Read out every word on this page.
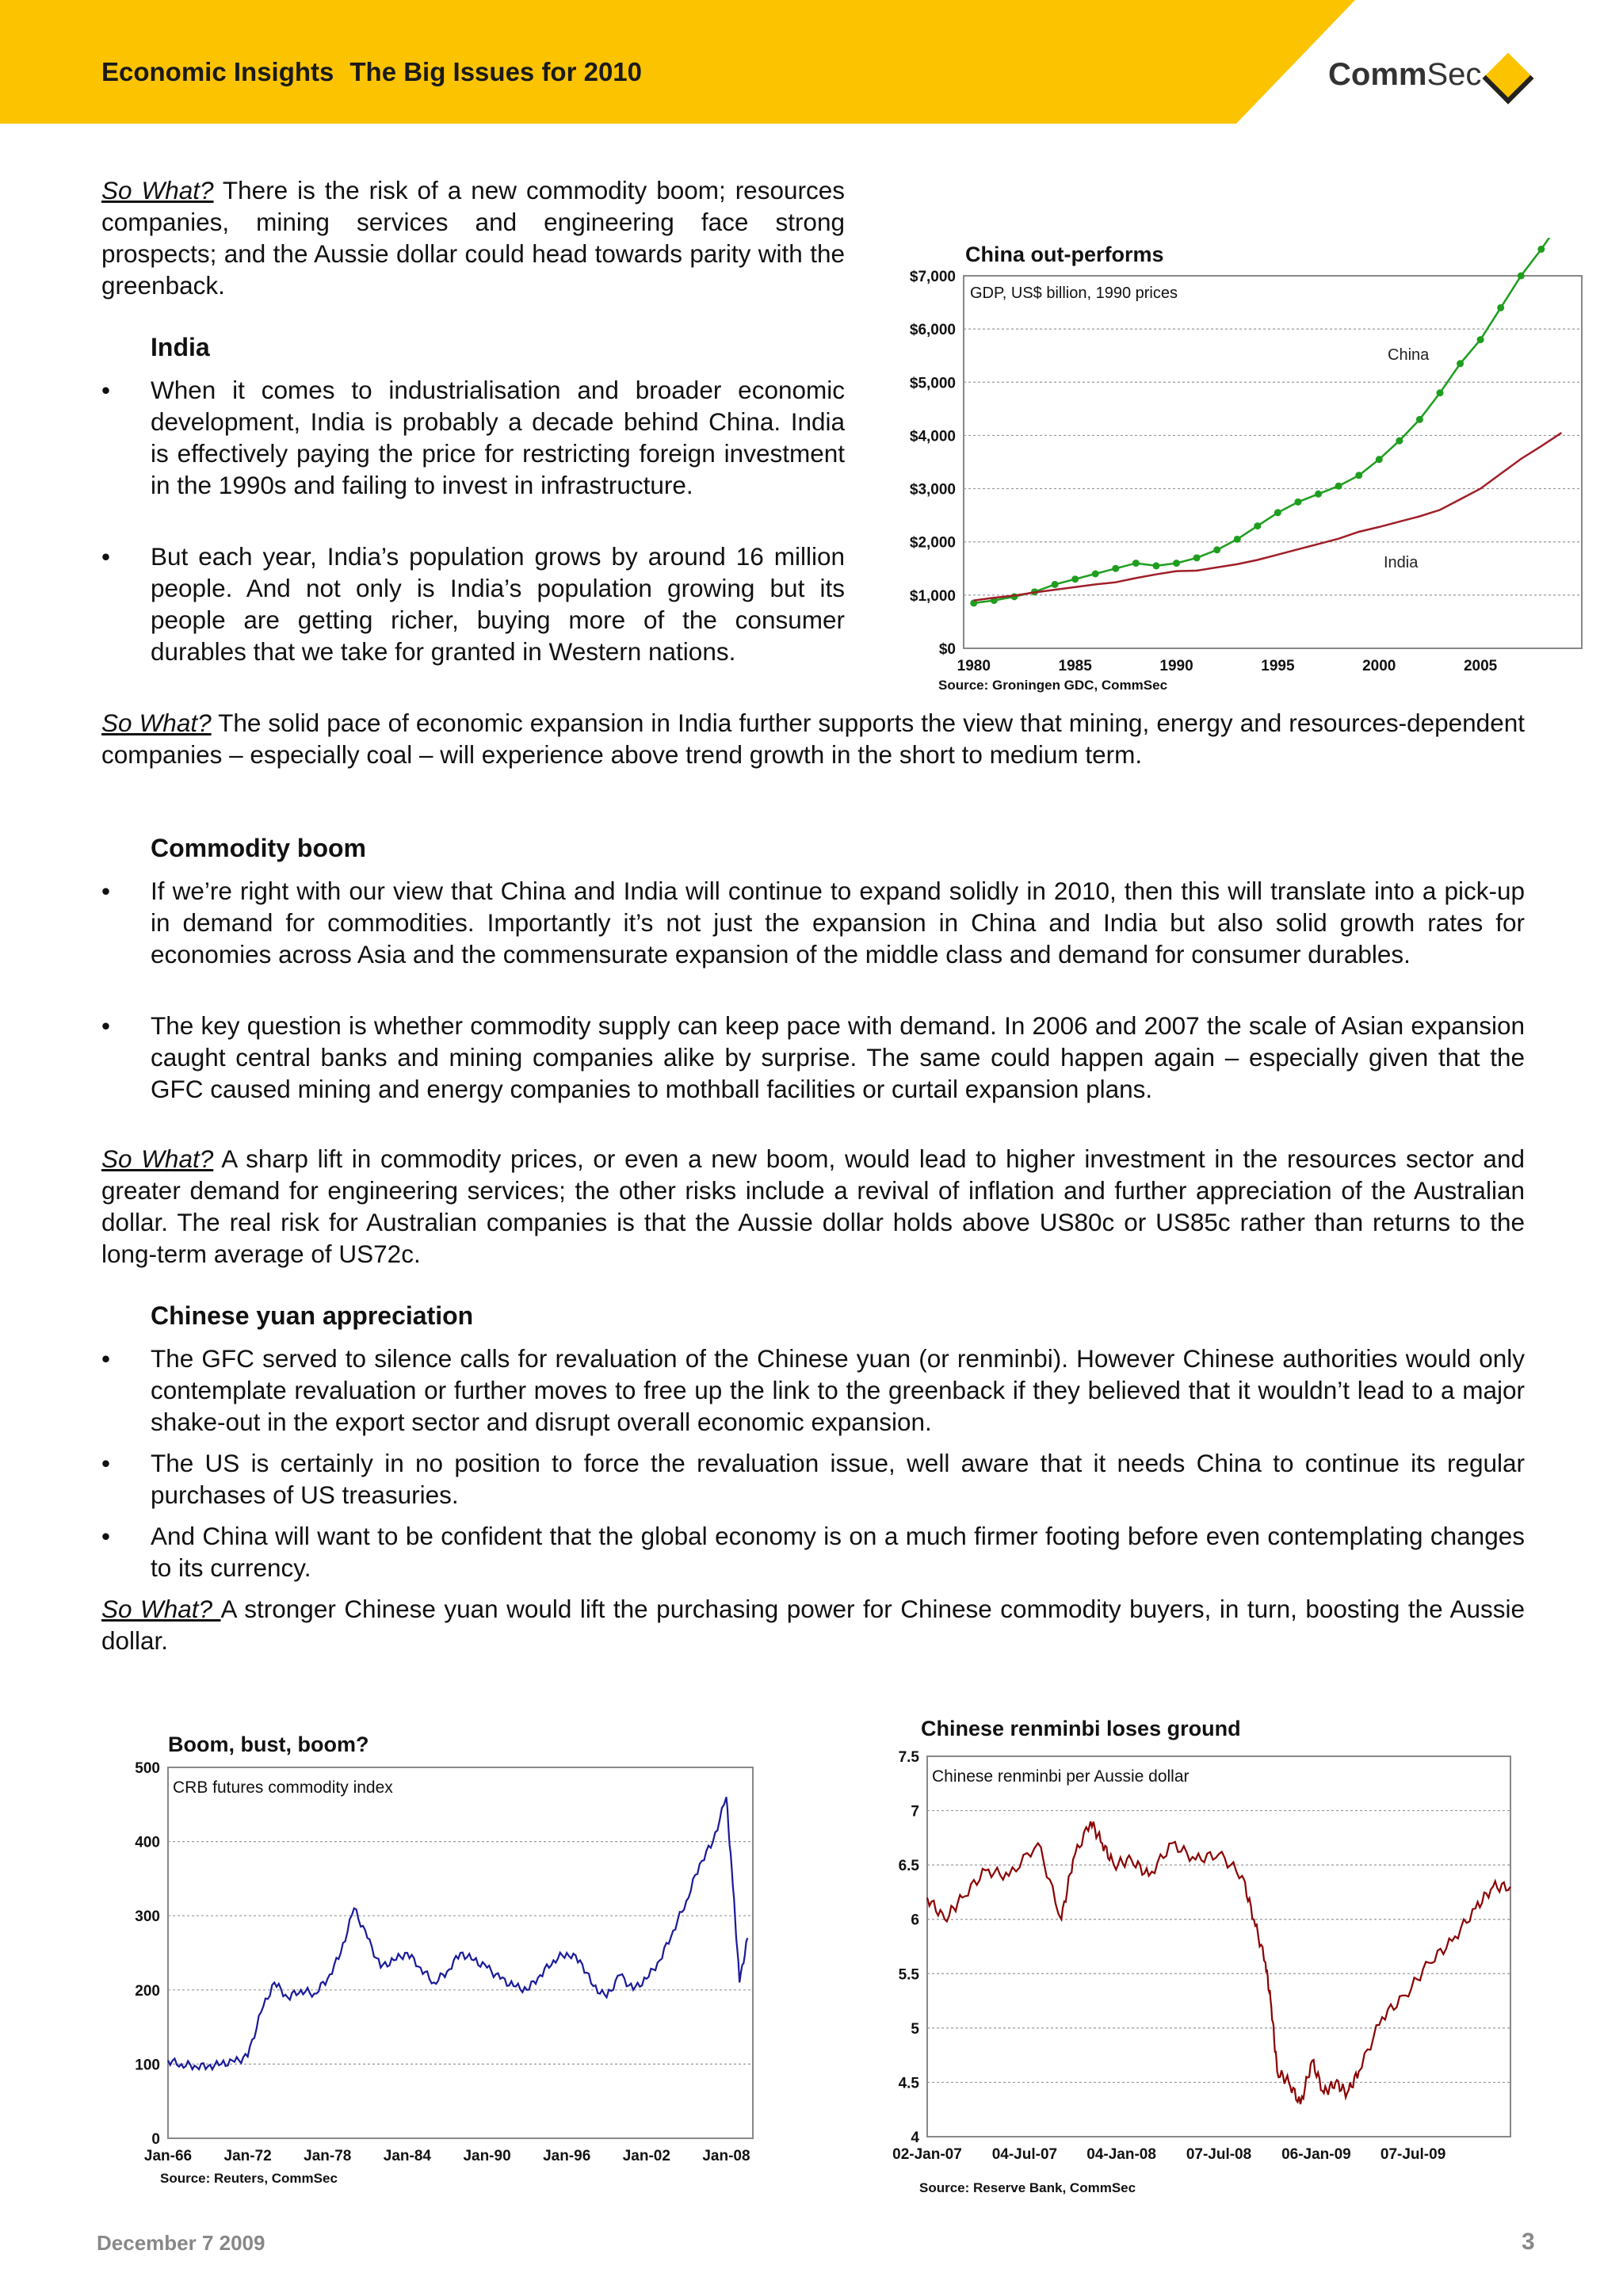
Economic Insights The Big Issues for 2010	CommSec
So What? There is the risk of a new commodity boom; resources companies, mining services and engineering face strong prospects; and the Aussie dollar could head towards parity with the greenback.
India
• When it comes to industrialisation and broader economic development, India is probably a decade behind China. India is effectively paying the price for restricting foreign investment in the 1990s and failing to invest in infrastructure.
• But each year, India’s population grows by around 16 million people. And not only is India’s population growing but its people are getting richer, buying more of the consumer durables that we take for granted in Western nations.
So What? The solid pace of economic expansion in India further supports the view that mining, energy and resources-dependent companies – especially coal – will experience above trend growth in the short to medium term.
Commodity boom
• If we’re right with our view that China and India will continue to expand solidly in 2010, then this will translate into a pick-up in demand for commodities. Importantly it’s not just the expansion in China and India but also solid growth rates for economies across Asia and the commensurate expansion of the middle class and demand for consumer durables.
• The key question is whether commodity supply can keep pace with demand. In 2006 and 2007 the scale of Asian expansion caught central banks and mining companies alike by surprise. The same could happen again – especially given that the GFC caused mining and energy companies to mothball facilities or curtail expansion plans.
So What? A sharp lift in commodity prices, or even a new boom, would lead to higher investment in the resources sector and greater demand for engineering services; the other risks include a revival of inflation and further appreciation of the Australian dollar. The real risk for Australian companies is that the Aussie dollar holds above US80c or US85c rather than returns to the long-term average of US72c.
Chinese yuan appreciation
• The GFC served to silence calls for revaluation of the Chinese yuan (or renminbi). However Chinese authorities would only contemplate revaluation or further moves to free up the link to the greenback if they believed that it wouldn’t lead to a major shake-out in the export sector and disrupt overall economic expansion.
• The US is certainly in no position to force the revaluation issue, well aware that it needs China to continue its regular purchases of US treasuries.
• And China will want to be confident that the global economy is on a much firmer footing before even contemplating changes to its currency.
So What? A stronger Chinese yuan would lift the purchasing power for Chinese commodity buyers, in turn, boosting the Aussie dollar.
China out-performs
GDP, US$ billion, 1990 prices
$0
$1,000
$2,000
$3,000
$4,000
$5,000
$6,000
$7,000
1980	1985	1990	1995	2000	2005
China
India
Source: Groningen GDC, CommSec
Boom, bust, boom?
CRB futures commodity index
0
100
200
300
400
500
Jan-66 Jan-72 Jan-78 Jan-84 Jan-90 Jan-96 Jan-02 Jan-08
Source: Reuters, CommSec
Chinese renminbi loses ground
Chinese renminbi per Aussie dollar
4
4.5
5
5.5
6
6.5
7
7.5
02-Jan-07 04-Jul-07 04-Jan-08 07-Jul-08 06-Jan-09 07-Jul-09
Source: Reserve Bank, CommSec
December 7 2009	3
